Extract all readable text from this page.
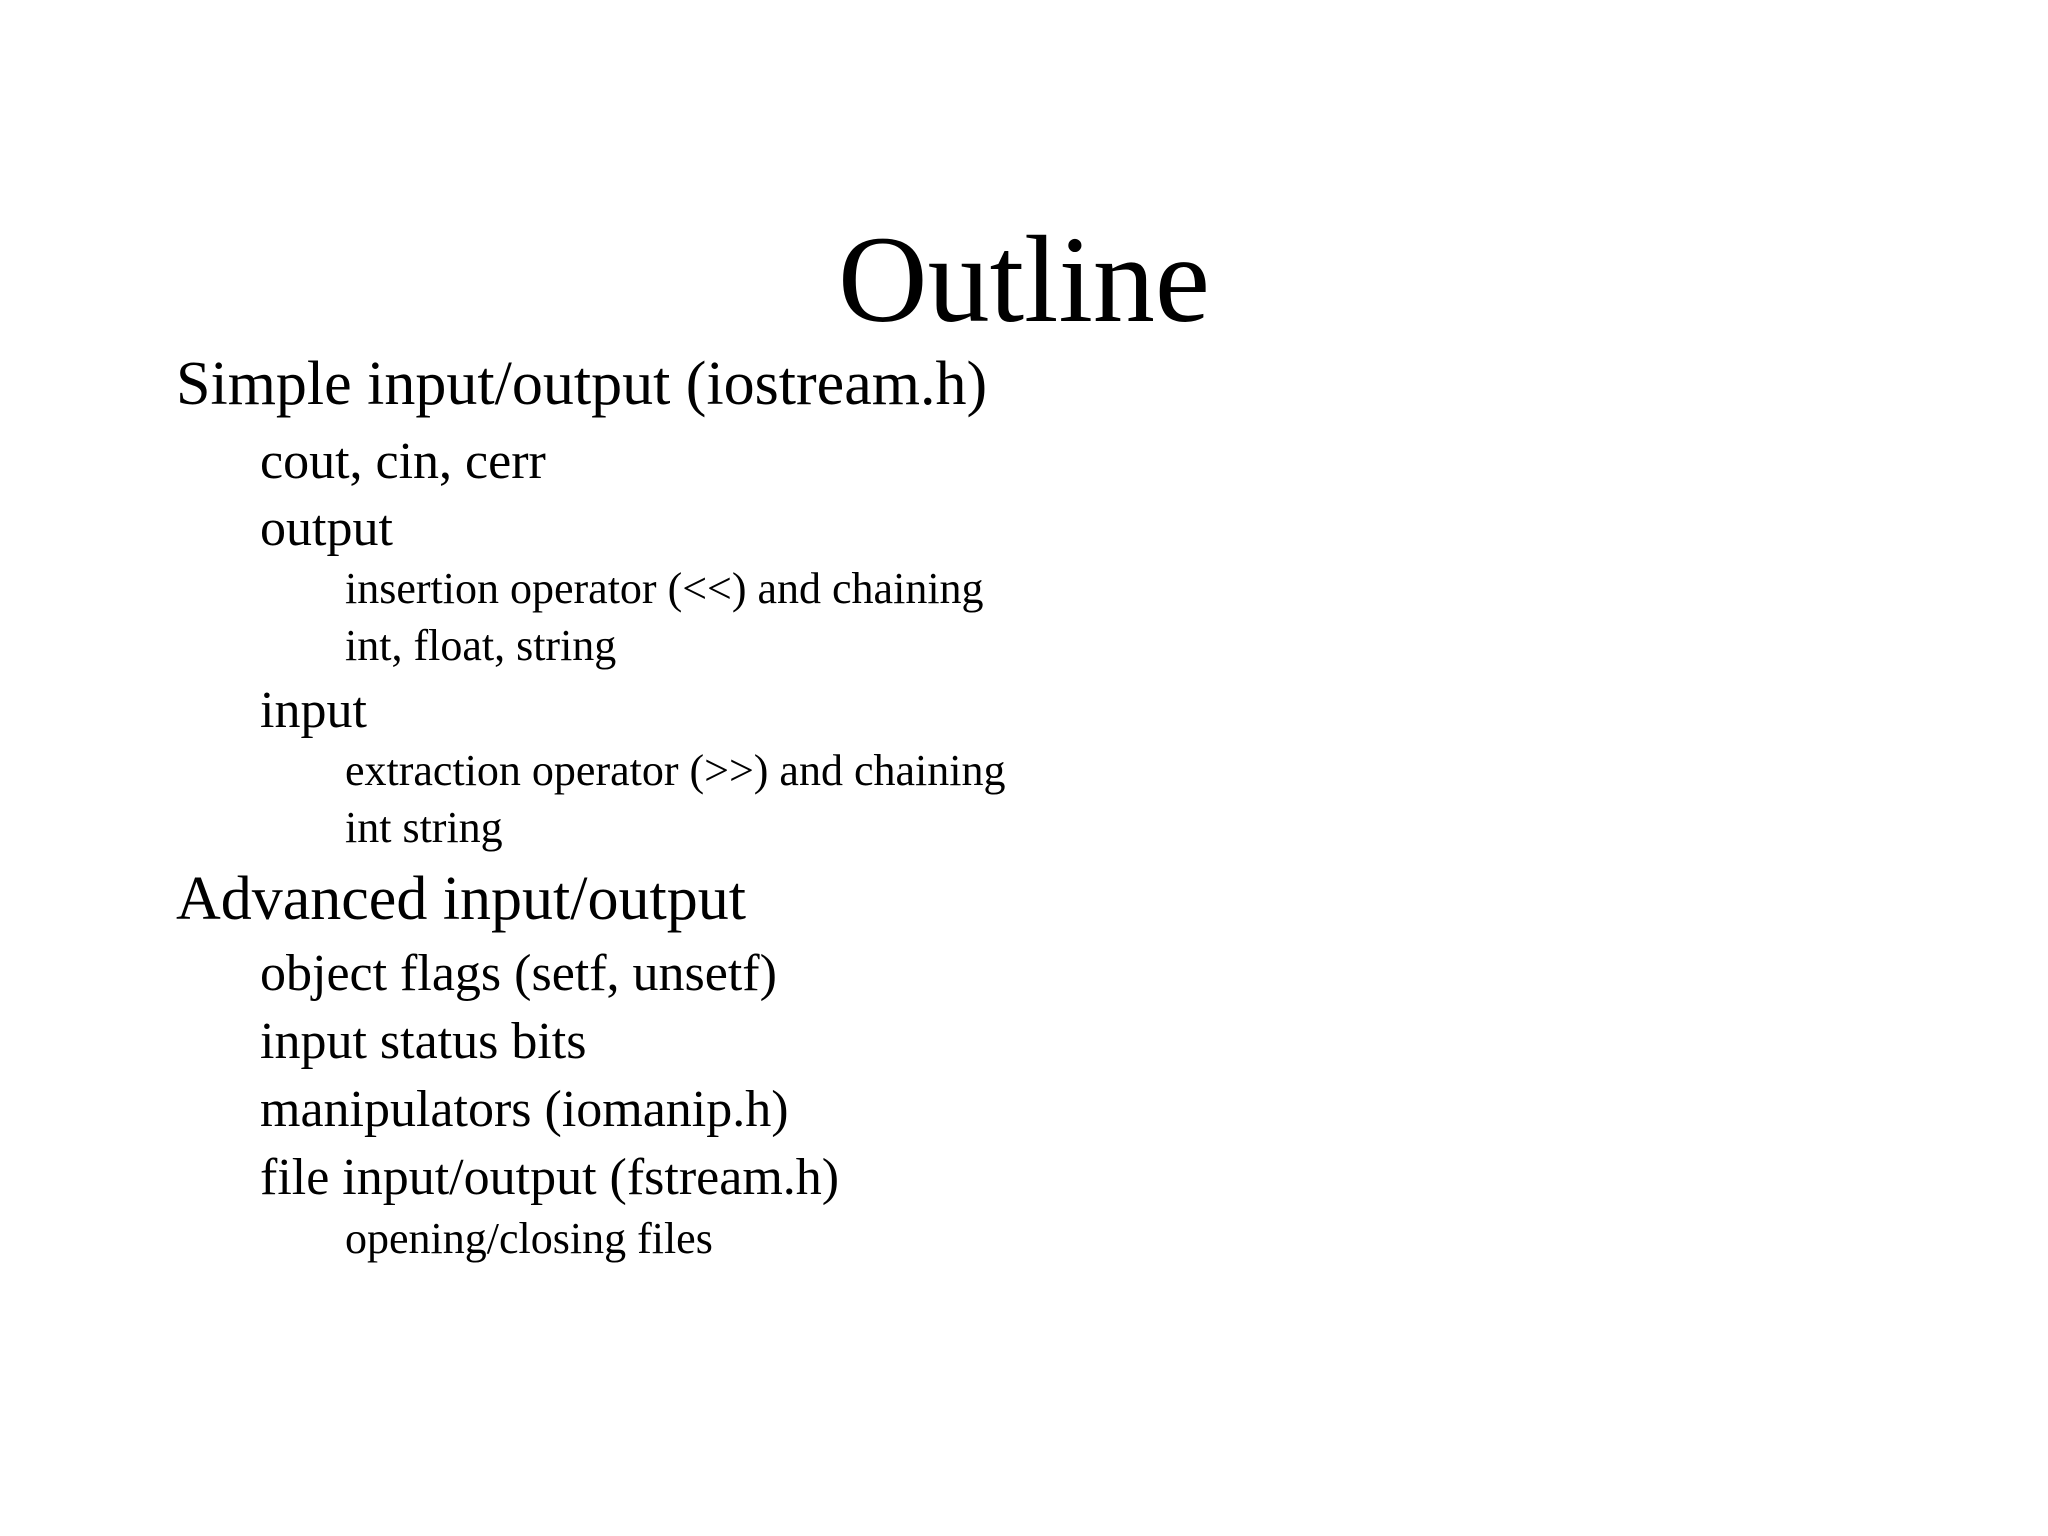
Outline
Simple input/output (iostream.h)
cout, cin, cerr
output
insertion operator (<<) and chaining
int, float, string
input
extraction operator (>>) and chaining
int string
Advanced input/output
object flags (setf, unsetf)
input status bits
manipulators (iomanip.h)
file input/output (fstream.h)
opening/closing files
